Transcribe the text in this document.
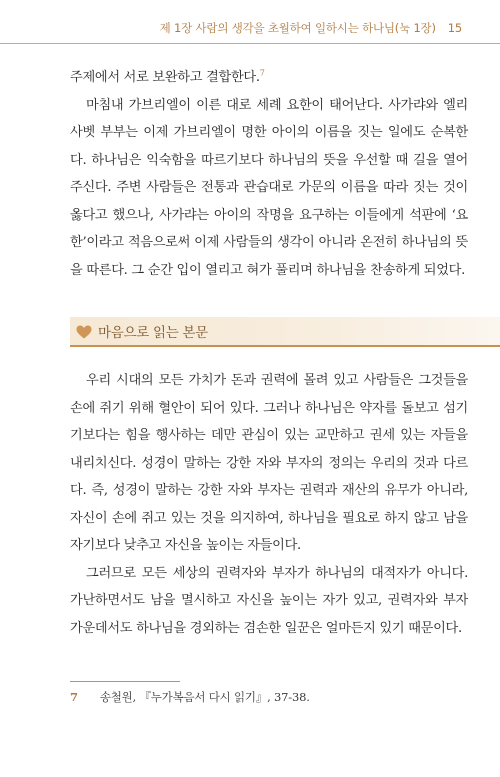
제 1장 사람의 생각을 초월하여 일하시는 하나님(눅 1장) 15

주제에서 서로 보완하고 결합한다.$^7$

마침내 가브리엘이 이른 대로 세례 요한이 태어난다. 사가랴와 엘리사벳 부부는 이제 가브리엘이 명한 아이의 이름을 짓는 일에도 순복한다. 하나님은 익숙함을 따르기보다 하나님의 뜻을 우선할 때 길을 열어 주신다. 주변 사람들은 전통과 관습대로 가문의 이름을 따라 짓는 것이 옳다고 했으나, 사가랴는 아이의 작명을 요구하는 이들에게 석판에 ‘요한’이라고 적음으로써 이제 사람들의 생각이 아니라 온전히 하나님의 뜻을 따른다. 그 순간 입이 열리고 혀가 풀리며 하나님을 찬송하게 되었다.

마음으로 읽는 본문

우리 시대의 모든 가치가 돈과 권력에 몰려 있고 사람들은 그것들을 손에 쥐기 위해 혈안이 되어 있다. 그러나 하나님은 약자를 돌보고 섬기기보다는 힘을 행사하는 데만 관심이 있는 교만하고 권세 있는 자들을 내리치신다. 성경이 말하는 강한 자와 부자의 정의는 우리의 것과 다르다. 즉, 성경이 말하는 강한 자와 부자는 권력과 재산의 유무가 아니라, 자신이 손에 쥐고 있는 것을 의지하여, 하나님을 필요로 하지 않고 남을 자기보다 낮추고 자신을 높이는 자들이다.

그러므로 모든 세상의 권력자와 부자가 하나님의 대적자가 아니다. 가난하면서도 남을 멸시하고 자신을 높이는 자가 있고, 권력자와 부자 가운데서도 하나님을 경외하는 겸손한 일꾼은 얼마든지 있기 때문이다.

7 송철원, 『누가복음서 다시 읽기』, 37-38.
